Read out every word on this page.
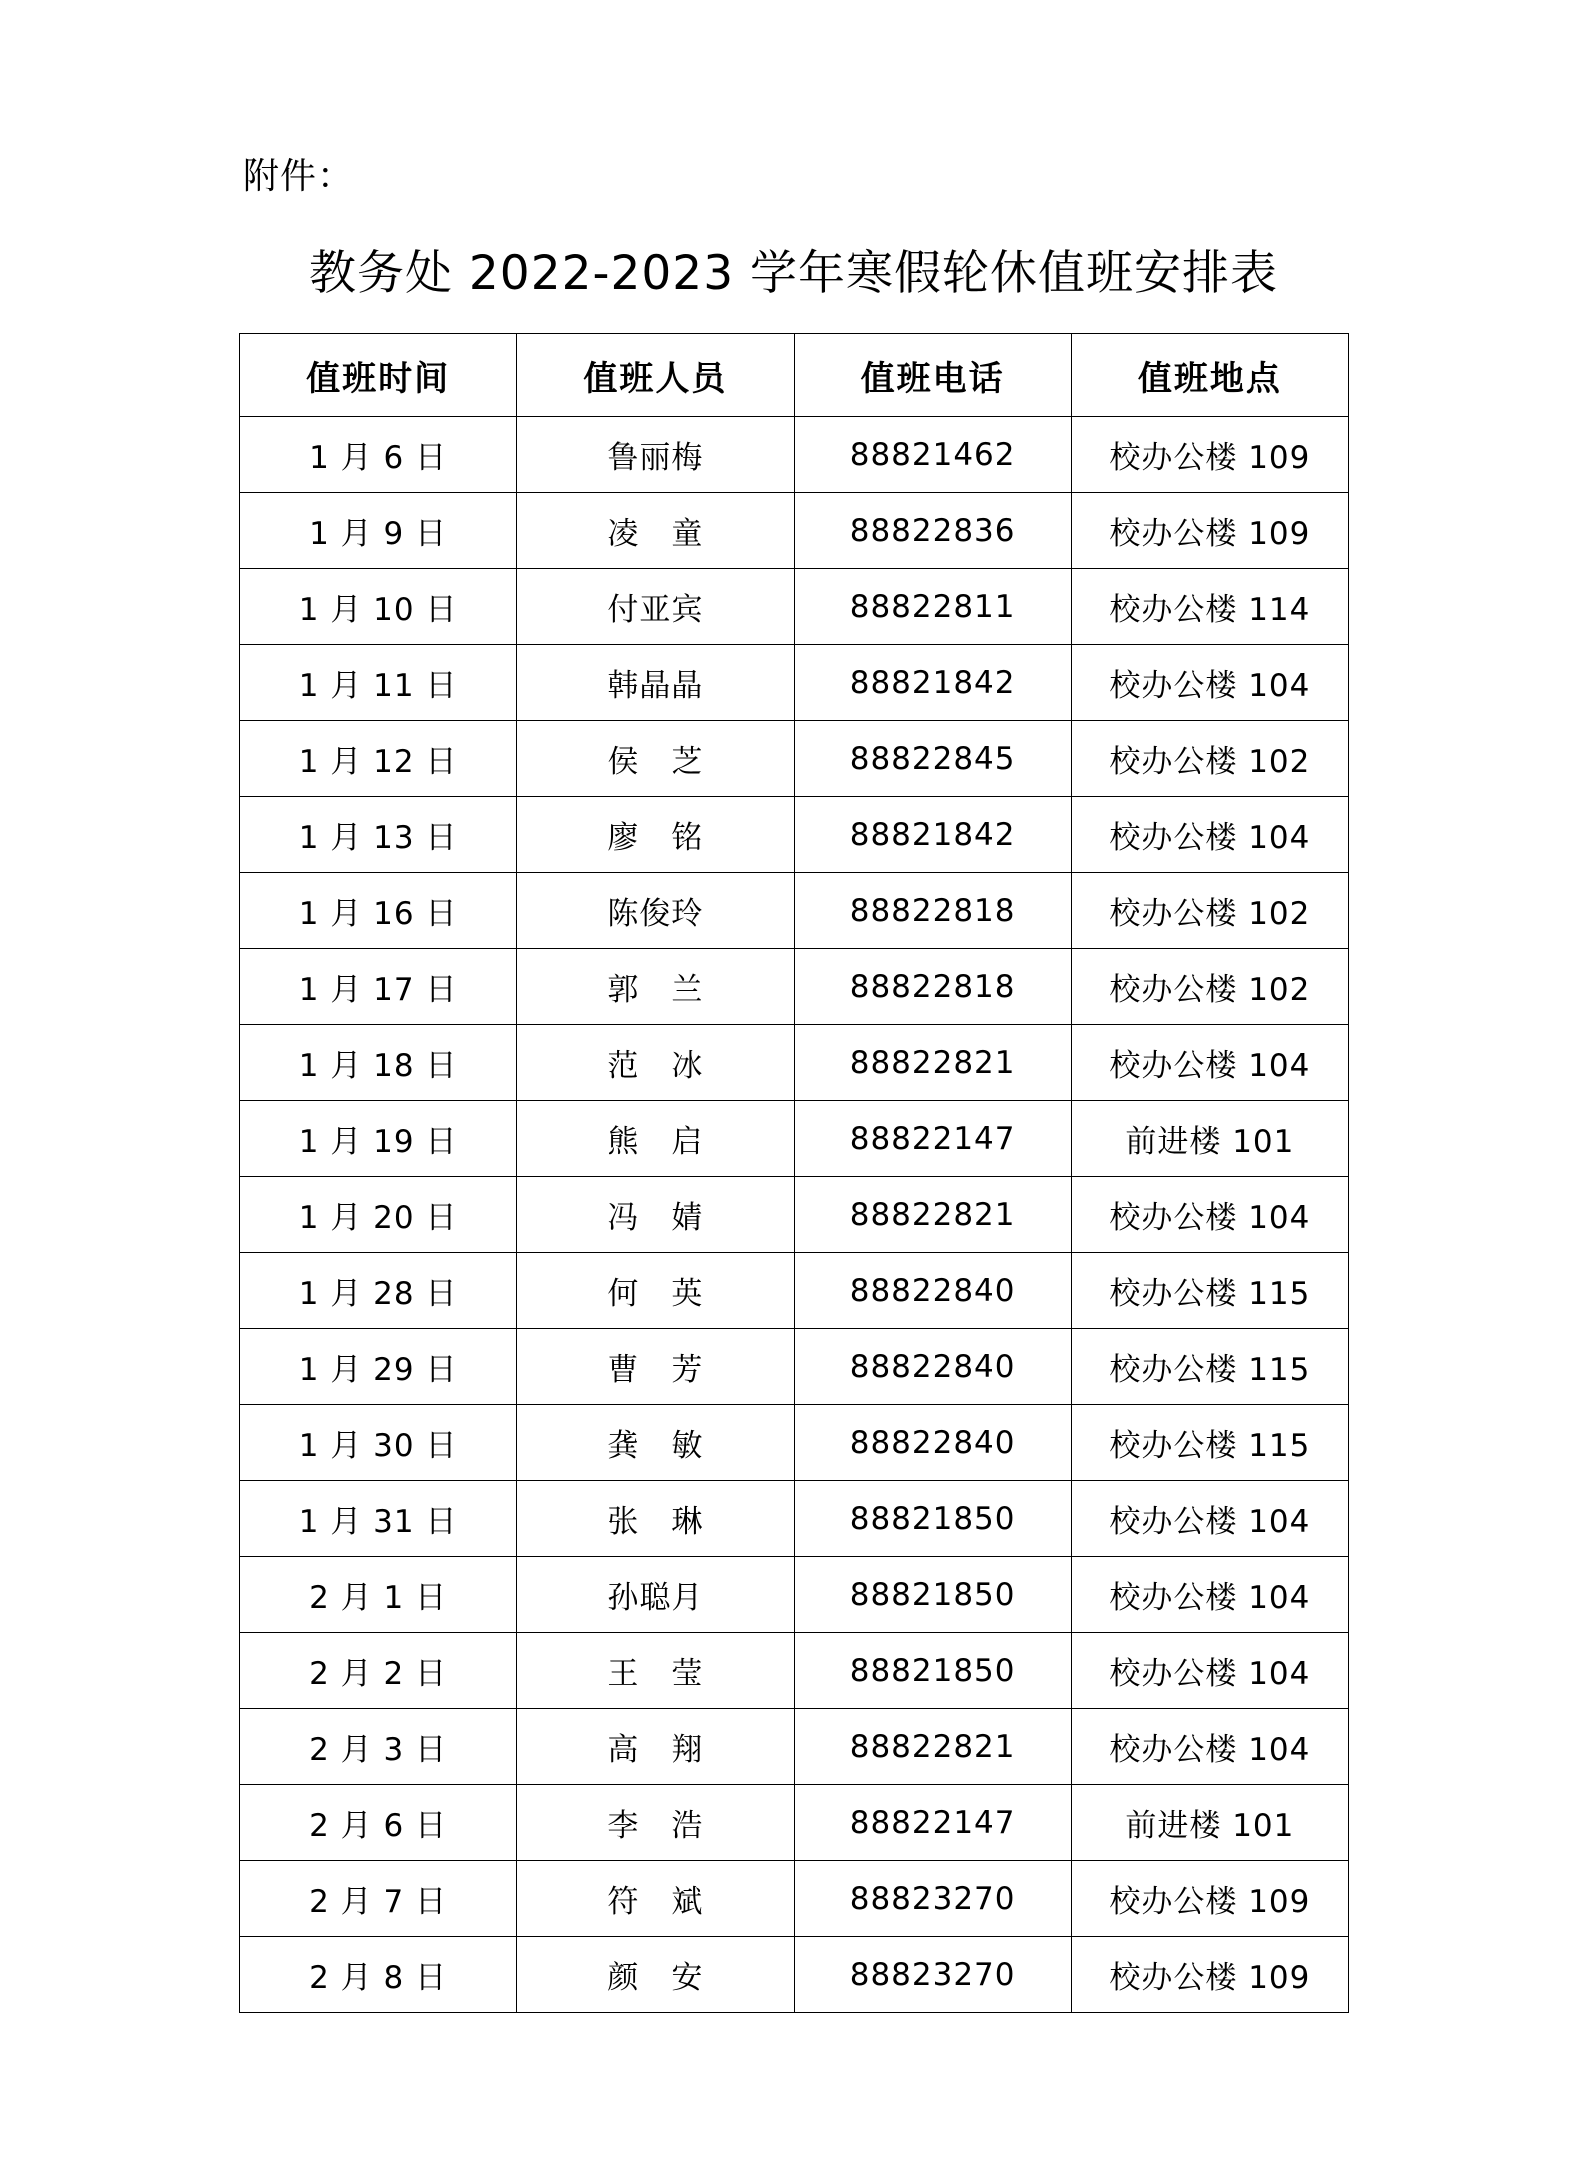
附件：
教务处 2022-2023 学年寒假轮休值班安排表
值班时间	值班人员	值班电话	值班地点
1 月 6 日	鲁丽梅	88821462	校办公楼 109
1 月 9 日	凌　童	88822836	校办公楼 109
1 月 10 日	付亚宾	88822811	校办公楼 114
1 月 11 日	韩晶晶	88821842	校办公楼 104
1 月 12 日	侯　芝	88822845	校办公楼 102
1 月 13 日	廖　铭	88821842	校办公楼 104
1 月 16 日	陈俊玲	88822818	校办公楼 102
1 月 17 日	郭　兰	88822818	校办公楼 102
1 月 18 日	范　冰	88822821	校办公楼 104
1 月 19 日	熊　启	88822147	前进楼 101
1 月 20 日	冯　婧	88822821	校办公楼 104
1 月 28 日	何　英	88822840	校办公楼 115
1 月 29 日	曹　芳	88822840	校办公楼 115
1 月 30 日	龚　敏	88822840	校办公楼 115
1 月 31 日	张　琳	88821850	校办公楼 104
2 月 1 日	孙聪月	88821850	校办公楼 104
2 月 2 日	王　莹	88821850	校办公楼 104
2 月 3 日	高　翔	88822821	校办公楼 104
2 月 6 日	李　浩	88822147	前进楼 101
2 月 7 日	符　斌	88823270	校办公楼 109
2 月 8 日	颜　安	88823270	校办公楼 109
